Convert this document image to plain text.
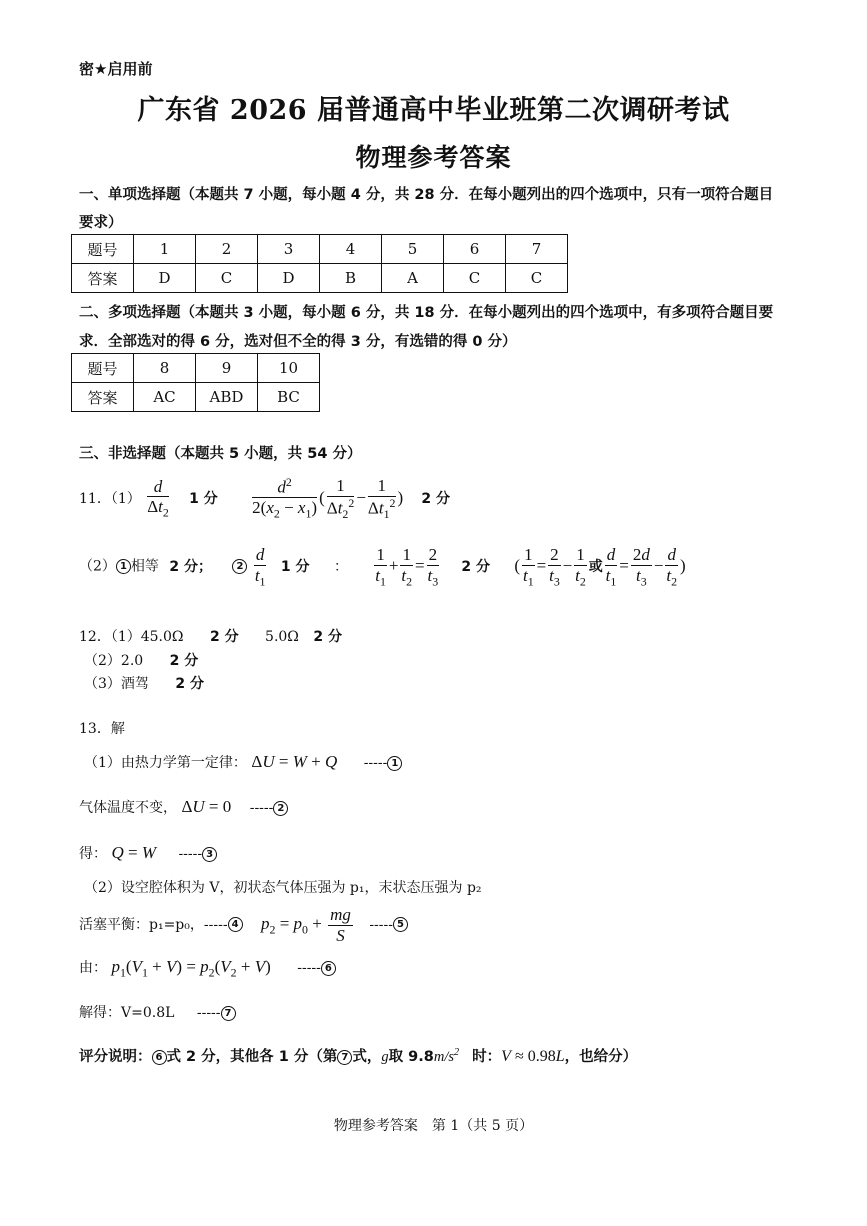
密★启用前
广东省 2026 届普通高中毕业班第二次调研考试
物理参考答案
一、单项选择题（本题共 7 小题，每小题 4 分，共 28 分．在每小题列出的四个选项中，只有一项符合题目
要求）
题号	1	2	3	4	5	6	7
答案	D	C	D	B	A	C	C
二、多项选择题（本题共 3 小题，每小题 6 分，共 18 分．在每小题列出的四个选项中，有多项符合题目要
求．全部选对的得 6 分，选对但不全的得 3 分，有选错的得 0 分）
题号	8	9	10
答案	AC	ABD	BC
三、非选择题（本题共 5 小题，共 54 分）
11．$(1) \frac{d}{\Delta t_2} 1$ 分 $\frac{d^2}{2(x_2 - x_1)}$ ( $\frac{1}{\Delta t_2^2} - \frac{1}{\Delta t_1^2}$ ) 2 分
（2） 1 相等 2 分； $2 \frac{d}{t_1} 1$ 分 ： $\frac{1}{t_1} + \frac{1}{t_2} = \frac{2}{t_3} 2$ 分 ( $\frac{1}{t_1} = \frac{2}{t_3} - \frac{1}{t_2}$ 或 $\frac{d}{t_1} = \frac{2d}{t_3} - \frac{d}{t_2}$ )
12．（1）45.0Ω 2 分 5.0Ω 2 分
（2）2.0 2 分
（3）酒驾 2 分
13．解
（1）由热力学第一定律： ΔU = W + Q ----- 1
气体温度不变， ΔU = 0 ----- 2
得： Q = W ----- 3
（2）设空腔体积为 V，初状态气体压强为 p₁，末状态压强为 p₂
活塞平衡：p₁=p₀，----- 4 $p_2 = p_0 + \frac{mg}{S}$ ----- 5
由： $p_1(V_1 + V) = p_2(V_2 + V)$ ----- 6
解得：V=0.8L ----- 7
评分说明： 6 式 2 分，其他各 1 分（第 7 式，g取 $9.8m/s^2$ 时：V ≈ 0.98L，也给分）
物理参考答案　第 1（共 5 页）
